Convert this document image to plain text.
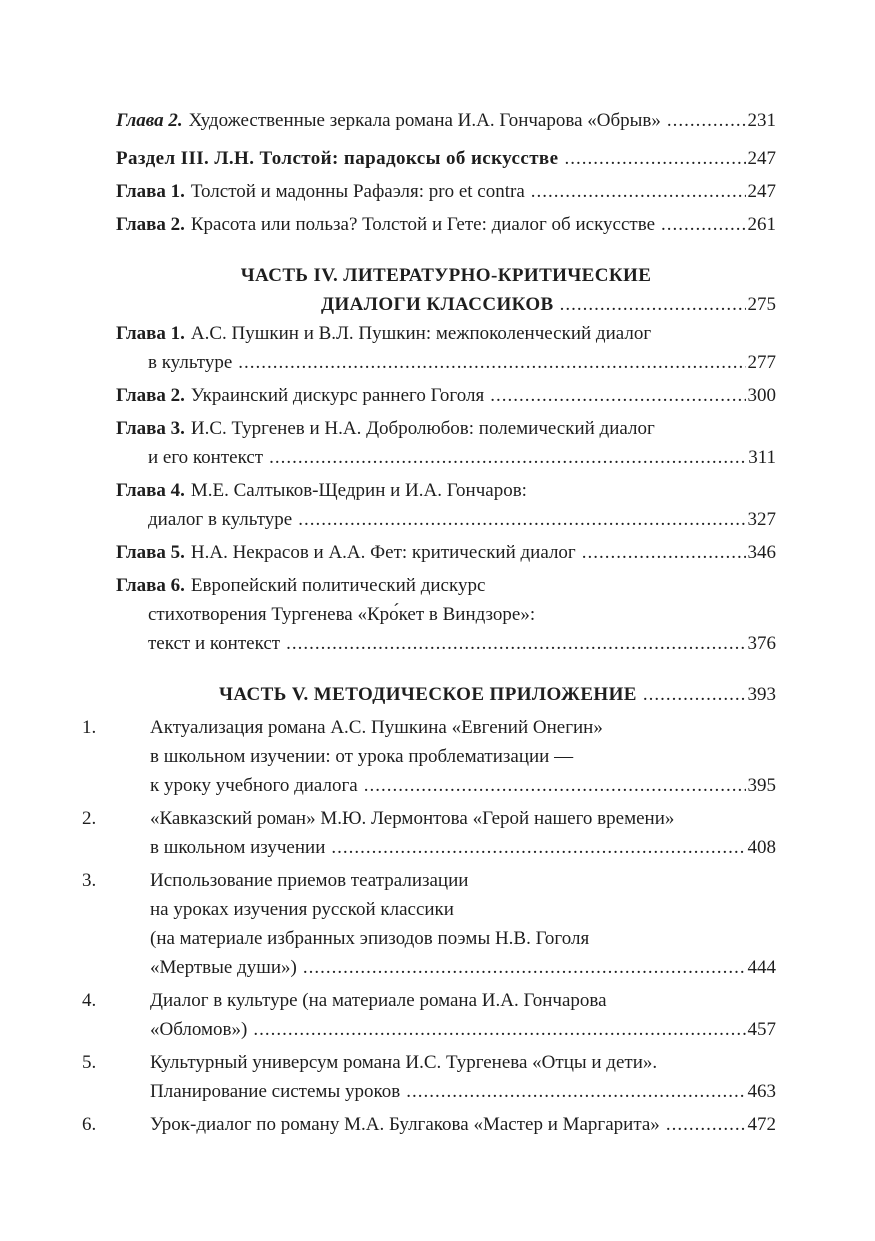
Глава 2. Художественные зеркала романа И.А. Гончарова «Обрыв» .....	231
Раздел III. Л.Н. Толстой: парадоксы об искусстве .....	247
Глава 1. Толстой и мадонны Рафаэля: pro et contra .....	247
Глава 2. Красота или польза? Толстой и Гете: диалог об искусстве .....	261
ЧАСТЬ IV. ЛИТЕРАТУРНО-КРИТИЧЕСКИЕ
ДИАЛОГИ КЛАССИКОВ .....	275
Глава 1. А.С. Пушкин и В.Л. Пушкин: межпоколенческий диалог
в культуре .....	277
Глава 2. Украинский дискурс раннего Гоголя .....	300
Глава 3. И.С. Тургенев и Н.А. Добролюбов: полемический диалог
и его контекст .....	311
Глава 4. М.Е. Салтыков-Щедрин и И.А. Гончаров:
диалог в культуре .....	327
Глава 5. Н.А. Некрасов и А.А. Фет: критический диалог .....	346
Глава 6. Европейский политический дискурс
стихотворения Тургенева «Кро́кет в Виндзоре»:
текст и контекст .....	376
ЧАСТЬ V. МЕТОДИЧЕСКОЕ ПРИЛОЖЕНИЕ .....	393
1.	Актуализация романа А.С. Пушкина «Евгений Онегин»
в школьном изучении: от урока проблематизации —
к уроку учебного диалога .....	395
2.	«Кавказский роман» М.Ю. Лермонтова «Герой нашего времени»
в школьном изучении .....	408
3.	Использование приемов театрализации
на уроках изучения русской классики
(на материале избранных эпизодов поэмы Н.В. Гоголя
«Мертвые души») .....	444
4.	Диалог в культуре (на материале романа И.А. Гончарова
«Обломов») .....	457
5.	Культурный универсум романа И.С. Тургенева «Отцы и дети».
Планирование системы уроков .....	463
6.	Урок-диалог по роману М.А. Булгакова «Мастер и Маргарита» .....	472
